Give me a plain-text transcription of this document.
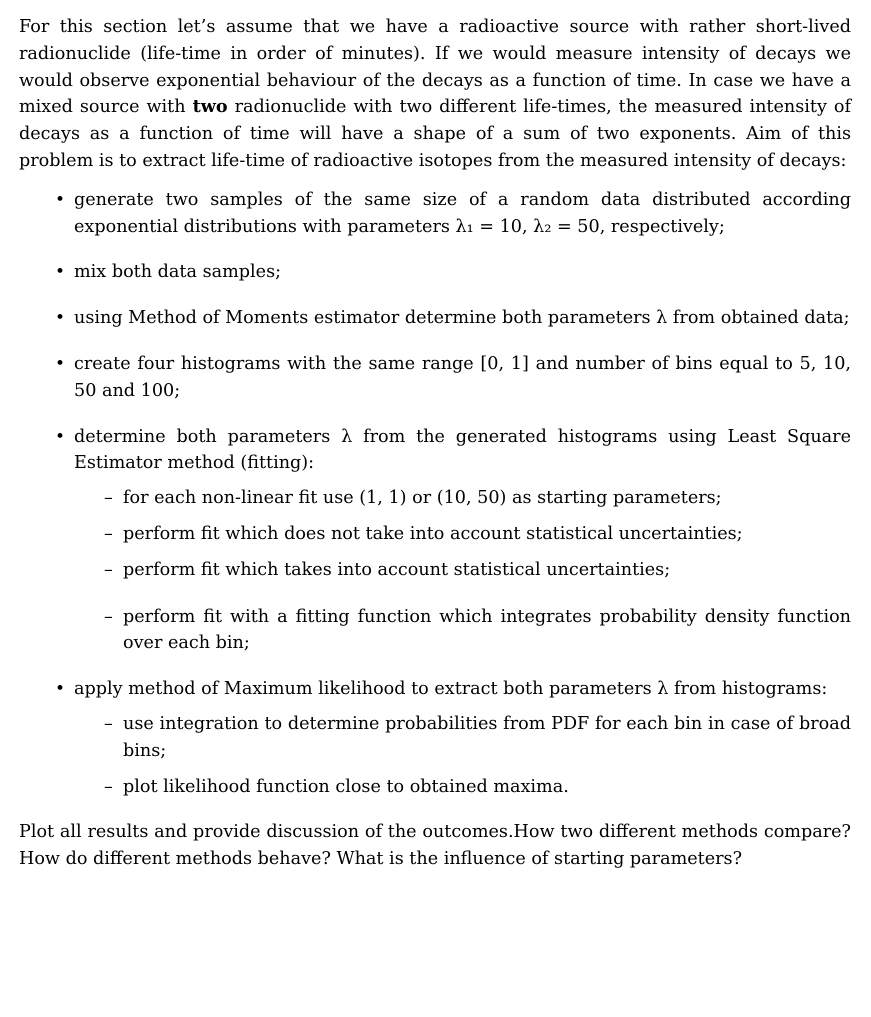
For this section let’s assume that we have a radioactive source with rather short-lived radionuclide (life-time in order of minutes). If we would measure intensity of decays we would observe exponential behaviour of the decays as a function of time. In case we have a mixed source with two radionuclide with two different life-times, the measured intensity of decays as a function of time will have a shape of a sum of two exponents. Aim of this problem is to extract life-time of radioactive isotopes from the measured intensity of decays:

• generate two samples of the same size of a random data distributed according exponential distributions with parameters λ₁ = 10, λ₂ = 50, respectively;
• mix both data samples;
• using Method of Moments estimator determine both parameters λ from obtained data;
• create four histograms with the same range [0, 1] and number of bins equal to 5, 10, 50 and 100;
• determine both parameters λ from the generated histograms using Least Square Estimator method (fitting):
– for each non-linear fit use (1, 1) or (10, 50) as starting parameters;
– perform fit which does not take into account statistical uncertainties;
– perform fit which takes into account statistical uncertainties;
– perform fit with a fitting function which integrates probability density function over each bin;
• apply method of Maximum likelihood to extract both parameters λ from histograms:
– use integration to determine probabilities from PDF for each bin in case of broad bins;
– plot likelihood function close to obtained maxima.

Plot all results and provide discussion of the outcomes.How two different methods compare? How do different methods behave? What is the influence of starting parameters?
